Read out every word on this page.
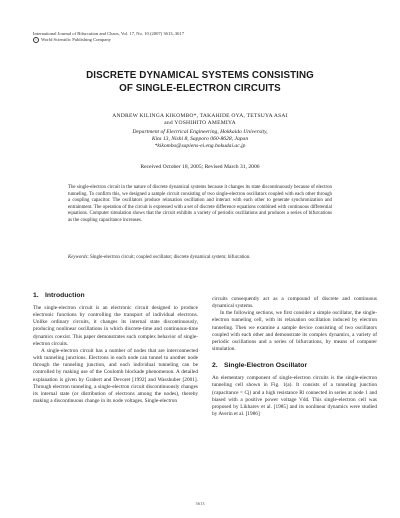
International Journal of Bifurcation and Chaos, Vol. 17, No. 10 (2007) 3613–3617
© World Scientific Publishing Company
DISCRETE DYNAMICAL SYSTEMS CONSISTING
OF SINGLE-ELECTRON CIRCUITS
ANDREW KILINGA KIKOMBO*, TAKAHIDE OYA, TETSUYA ASAI
and YOSHIHITO AMEMIYA
Department of Electrical Engineering, Hokkaido University,
Kita 13, Nishi 8, Sapporo 060-8628, Japan
*kikombo@sapiens-ei.eng.hokudai.ac.jp
Received October 18, 2005; Revised March 31, 2006
The single-electron circuit in the nature of discrete dynamical systems because it changes its state discontinuously because of electron tunneling. To confirm this, we designed a sample circuit consisting of two single-electron oscillators coupled with each other through a coupling capacitor. The oscillators produce relaxation oscillation and interact with each other to generate synchronization and entrainment. The operation of the circuit is expressed with a set of discrete difference equations combined with continuous differential equations. Computer simulation shows that the circuit exhibits a variety of periodic oscillations and produces a series of bifurcations as the coupling capacitance increases.
Keywords: Single-electron circuit; coupled oscillator; discrete dynamical system; bifurcation.
1. Introduction

The single-electron circuit is an electronic circuit designed to produce electronic functions by controlling the transport of individual electrons. Unlike ordinary circuits, it changes its internal state discontinuously, producing nonlinear oscillations in which discrete-time and continuous-time dynamics coexist. This paper demonstrates such complex behavior of single-electron circuits.

A single-electron circuit has a number of nodes that are interconnected with tunneling junctions. Electrons in each node can tunnel to another node through the tunneling junction, and each individual tunneling can be controlled by making use of the Coulomb blockade phenomenon. A detailed explanation is given by Grabert and Devoret [1992] and Wasshuber [2001]. Through electron tunneling, a single-electron circuit discontinuously changes its internal state (or distribution of electrons among the nodes), thereby making a discontinuous change in its node voltages. Single-electron

circuits consequently act as a compound of discrete and continuous dynamical systems.

In the following sections, we first consider a simple oscillator, the single-electron tunneling cell, with its relaxation oscillation induced by electron tunneling. Then we examine a sample device consisting of two oscillators coupled with each other and demonstrate its complex dynamics, a variety of periodic oscillations and a series of bifurcations, by means of computer simulation.

2. Single-Electron Oscillator

An elementary component of single-electron circuits is the single-electron tunneling cell shown in Fig. 1(a). It consists of a tunneling junction (capacitance = Cj) and a high resistance Rl connected in series at node 1 and biased with a positive power voltage Vdd. This single-electron cell was proposed by Likharev et al. [1985] and its nonlinear dynamics were studied by Averin et al. [1986]

3613
